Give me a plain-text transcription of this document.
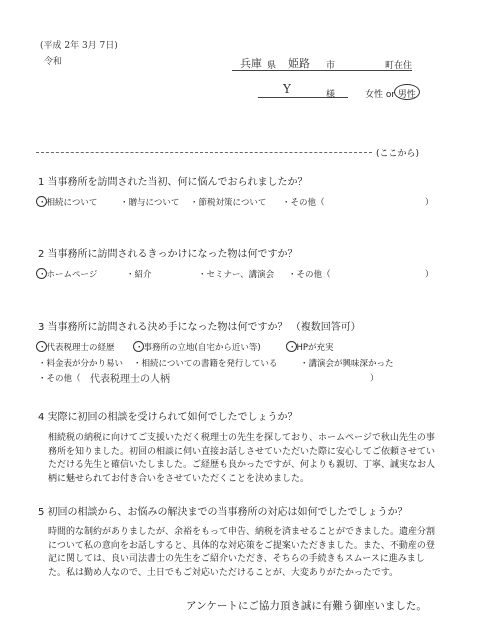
(平成 2年 3月 7日)
令和	兵庫 県 姫路 市	町在住
Y	様	女性 or 男性
(ここから)
1 当事務所を訪問された当初、何に悩んでおられましたか？
・相続について	・贈与について ・節税対策について ・その他（	）
2 当事務所に訪問されるきっかけになった物は何ですか？
・ホームページ	・紹介	・セミナー、講演会 ・その他（	）
3 当事務所に訪問される決め手になった物は何ですか？ （複数回答可）
・代表税理士の経歴 ・事務所の立地(自宅から近い等)	・HPが充実
・料金表が分かり易い ・相続についての書籍を発行している	・講演会が興味深かった
・その他（ 代表税理士の人柄	）
4 実際に初回の相談を受けられて如何でしたでしょうか？
相続税の納税に向けてご支援いただく税理士の先生を探しており、ホームページで秋山先生の事務所を知りました。初回の相談に伺い直接お話しさせていただいた際に安心してご依頼させていただける先生と確信いたしました。ご経歴も良かったですが、何よりも親切、丁寧、誠実なお人柄に魅せられてお付き合いをさせていただくことを決めました。
5 初回の相談から、お悩みの解決までの当事務所の対応は如何でしたでしょうか？
時間的な制約がありましたが、余裕をもって申告、納税を済ませることができました。遺産分割について私の意向をお話しすると、具体的な対応策をご提案いただきました。また、不動産の登記に関しては、良い司法書士の先生をご紹介いただき、そちらの手続きもスムースに進みました。私は勤め人なので、土日でもご対応いただけることが、大変ありがたかったです。
アンケートにご協力頂き誠に有難う御座いました。
